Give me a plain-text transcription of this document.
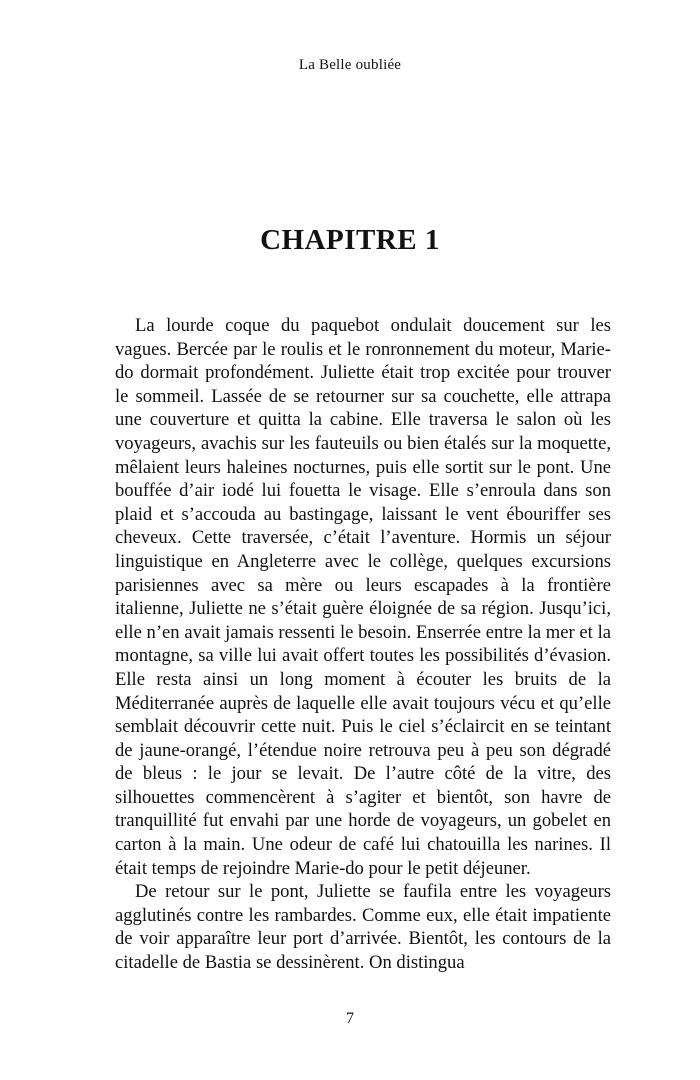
La Belle oubliée
CHAPITRE 1

La lourde coque du paquebot ondulait doucement sur les vagues. Bercée par le roulis et le ronronnement du moteur, Marie-do dormait profondément. Juliette était trop excitée pour trouver le sommeil. Lassée de se retourner sur sa couchette, elle attrapa une couverture et quitta la cabine. Elle traversa le salon où les voyageurs, avachis sur les fauteuils ou bien étalés sur la moquette, mêlaient leurs haleines nocturnes, puis elle sortit sur le pont. Une bouffée d’air iodé lui fouetta le visage. Elle s’enroula dans son plaid et s’accouda au bastingage, laissant le vent ébouriffer ses cheveux. Cette traversée, c’était l’aventure. Hormis un séjour linguistique en Angleterre avec le collège, quelques excursions parisiennes avec sa mère ou leurs escapades à la frontière italienne, Juliette ne s’était guère éloignée de sa région. Jusqu’ici, elle n’en avait jamais ressenti le besoin. Enserrée entre la mer et la montagne, sa ville lui avait offert toutes les possibilités d’évasion. Elle resta ainsi un long moment à écouter les bruits de la Méditerranée auprès de laquelle elle avait toujours vécu et qu’elle semblait découvrir cette nuit. Puis le ciel s’éclaircit en se teintant de jaune-orangé, l’étendue noire retrouva peu à peu son dégradé de bleus : le jour se levait. De l’autre côté de la vitre, des silhouettes commencèrent à s’agiter et bientôt, son havre de tranquillité fut envahi par une horde de voyageurs, un gobelet en carton à la main. Une odeur de café lui chatouilla les narines. Il était temps de rejoindre Marie-do pour le petit déjeuner.

De retour sur le pont, Juliette se faufila entre les voyageurs agglutinés contre les rambardes. Comme eux, elle était impatiente de voir apparaître leur port d’arrivée. Bientôt, les contours de la citadelle de Bastia se dessinèrent. On distingua

7
